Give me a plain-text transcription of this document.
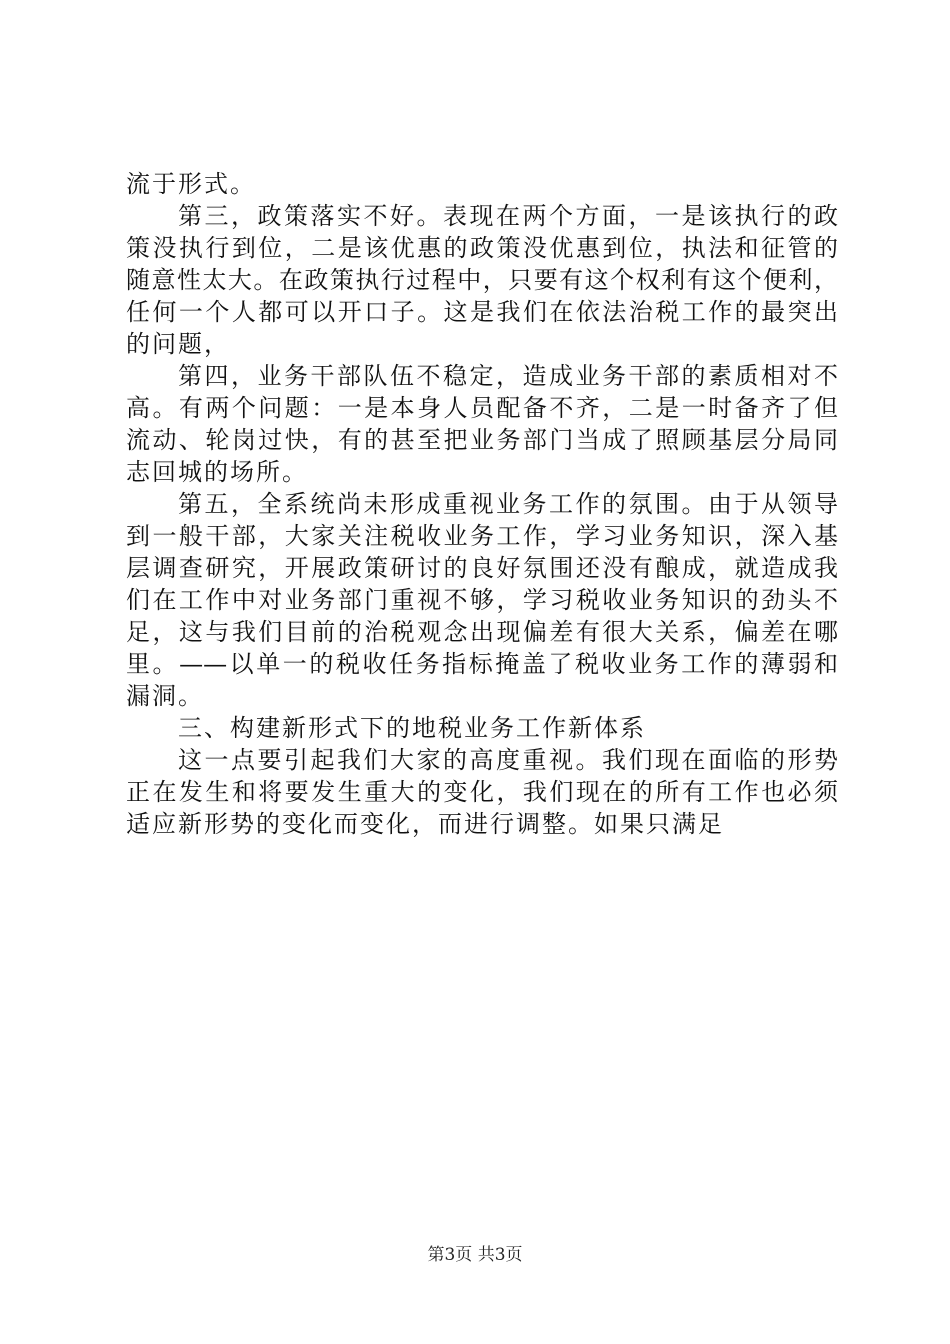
流于形式。
第三，政策落实不好。表现在两个方面，一是该执行的政
策没执行到位，二是该优惠的政策没优惠到位，执法和征管的
随意性太大。在政策执行过程中，只要有这个权利有这个便利，
任何一个人都可以开口子。这是我们在依法治税工作的最突出
的问题，
第四，业务干部队伍不稳定，造成业务干部的素质相对不
高。有两个问题：一是本身人员配备不齐，二是一时备齐了但
流动、轮岗过快，有的甚至把业务部门当成了照顾基层分局同
志回城的场所。
第五，全系统尚未形成重视业务工作的氛围。由于从领导
到一般干部，大家关注税收业务工作，学习业务知识，深入基
层调查研究，开展政策研讨的良好氛围还没有酿成，就造成我
们在工作中对业务部门重视不够，学习税收业务知识的劲头不
足，这与我们目前的治税观念出现偏差有很大关系，偏差在哪
里。——以单一的税收任务指标掩盖了税收业务工作的薄弱和
漏洞。
三、构建新形式下的地税业务工作新体系
这一点要引起我们大家的高度重视。我们现在面临的形势
正在发生和将要发生重大的变化，我们现在的所有工作也必须
适应新形势的变化而变化，而进行调整。如果只满足
第3页 共3页
